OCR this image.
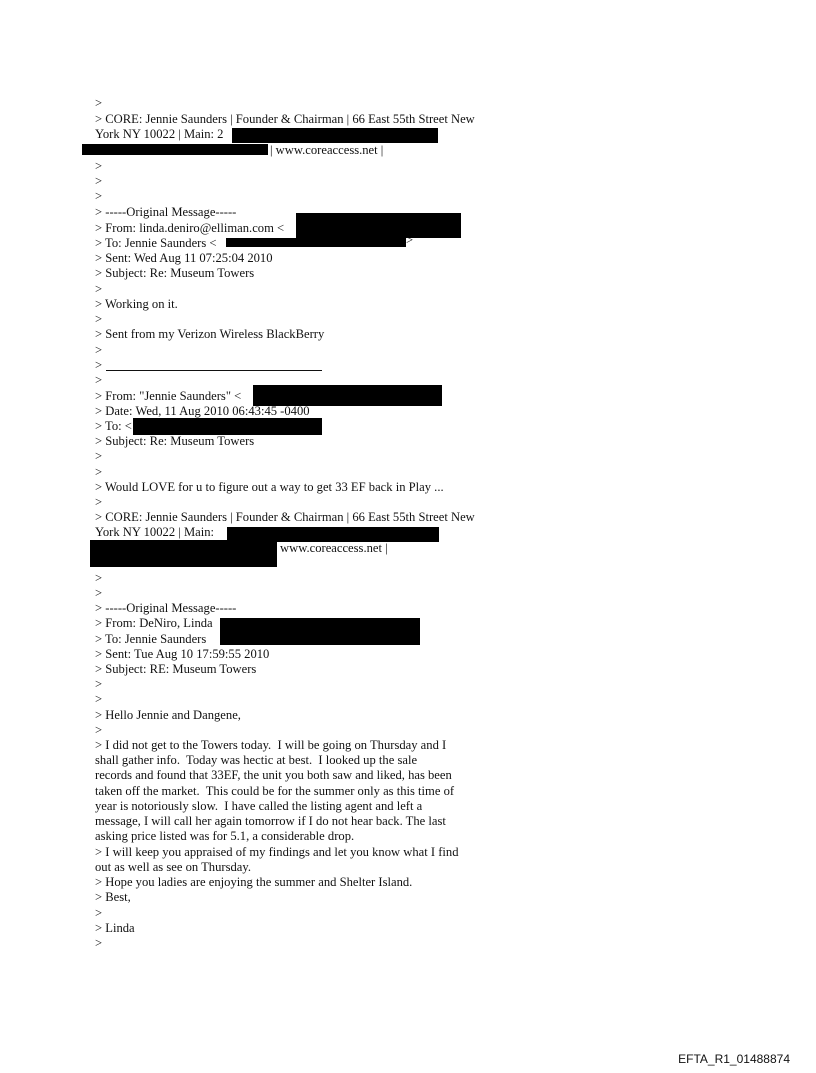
>
> CORE: Jennie Saunders | Founder & Chairman | 66 East 55th Street New
York NY 10022 | Main: 2
| www.coreaccess.net |
>
>
>
> -----Original Message-----
> From: linda.deniro@elliman.com <
> To: Jennie Saunders <	>
> Sent: Wed Aug 11 07:25:04 2010
> Subject: Re: Museum Towers
>
> Working on it.
>
> Sent from my Verizon Wireless BlackBerry
>
>
>
> From: "Jennie Saunders" <
> Date: Wed, 11 Aug 2010 06:43:45 -0400
> To: <
> Subject: Re: Museum Towers
>
>
> Would LOVE for u to figure out a way to get 33 EF back in Play ...
>
> CORE: Jennie Saunders | Founder & Chairman | 66 East 55th Street New
York NY 10022 | Main:
www.coreaccess.net |
>
>
> -----Original Message-----
> From: DeNiro, Linda
> To: Jennie Saunders
> Sent: Tue Aug 10 17:59:55 2010
> Subject: RE: Museum Towers
>
>
> Hello Jennie and Dangene,
>
> I did not get to the Towers today.  I will be going on Thursday and I
shall gather info.  Today was hectic at best.  I looked up the sale
records and found that 33EF, the unit you both saw and liked, has been
taken off the market.  This could be for the summer only as this time of
year is notoriously slow.  I have called the listing agent and left a
message, I will call her again tomorrow if I do not hear back. The last
asking price listed was for 5.1, a considerable drop.
> I will keep you appraised of my findings and let you know what I find
out as well as see on Thursday.
> Hope you ladies are enjoying the summer and Shelter Island.
> Best,
>
> Linda
>
EFTA_R1_01488874
